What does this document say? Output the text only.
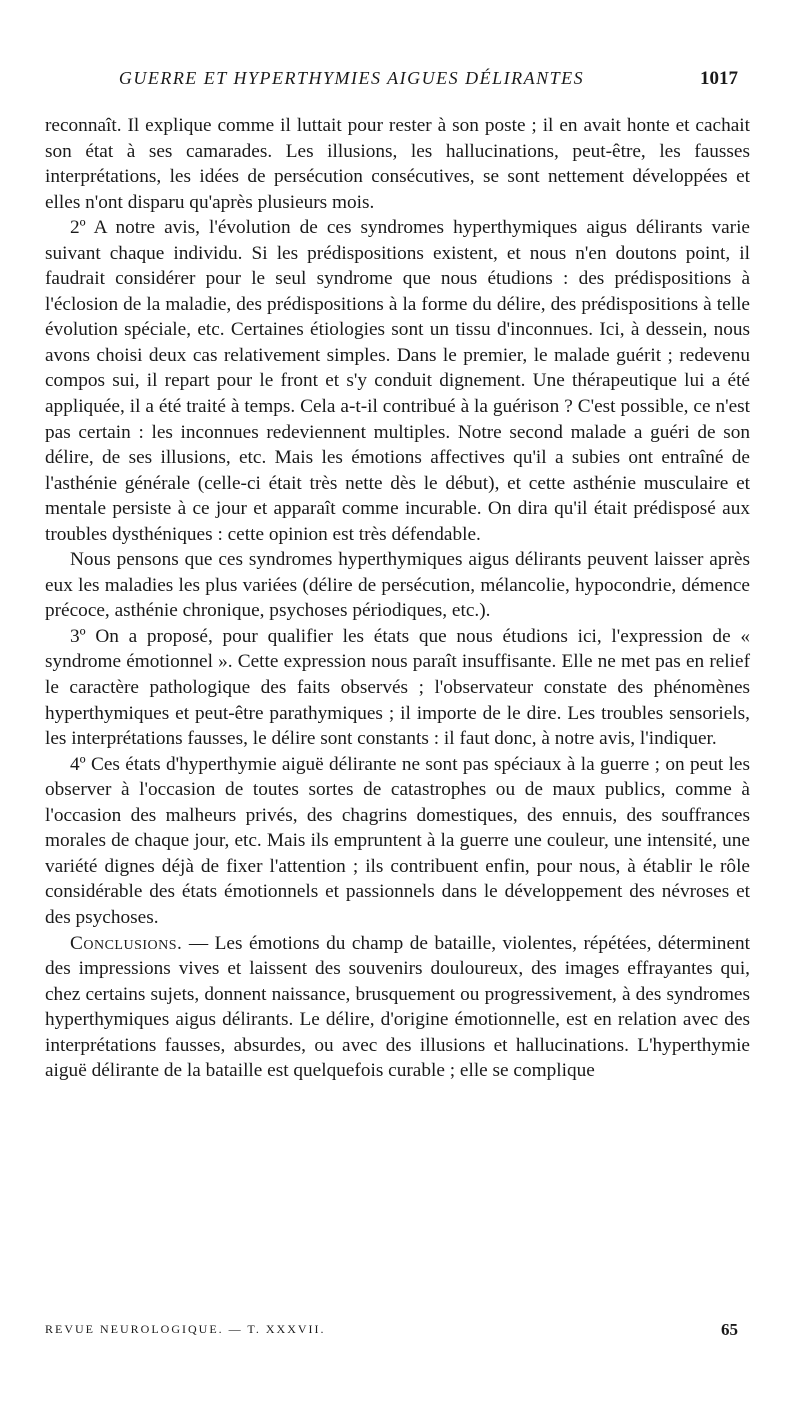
GUERRE ET HYPERTHYMIES AIGUES DÉLIRANTES	1017

reconnaît. Il explique comme il luttait pour rester à son poste ; il en avait honte et cachait son état à ses camarades. Les illusions, les hallucinations, peut-être, les fausses interprétations, les idées de persécution consécutives, se sont nettement développées et elles n'ont disparu qu'après plusieurs mois.

2º A notre avis, l'évolution de ces syndromes hyperthymiques aigus délirants varie suivant chaque individu. Si les prédispositions existent, et nous n'en doutons point, il faudrait considérer pour le seul syndrome que nous étudions : des prédispositions à l'éclosion de la maladie, des prédispositions à la forme du délire, des prédispositions à telle évolution spéciale, etc. Certaines étiologies sont un tissu d'inconnues. Ici, à dessein, nous avons choisi deux cas relativement simples. Dans le premier, le malade guérit ; redevenu compos sui, il repart pour le front et s'y conduit dignement. Une thérapeutique lui a été appliquée, il a été traité à temps. Cela a-t-il contribué à la guérison ? C'est possible, ce n'est pas certain : les inconnues redeviennent multiples. Notre second malade a guéri de son délire, de ses illusions, etc. Mais les émotions affectives qu'il a subies ont entraîné de l'asthénie générale (celle-ci était très nette dès le début), et cette asthénie musculaire et mentale persiste à ce jour et apparaît comme incurable. On dira qu'il était prédisposé aux troubles dysthéniques : cette opinion est très défendable.

Nous pensons que ces syndromes hyperthymiques aigus délirants peuvent laisser après eux les maladies les plus variées (délire de persécution, mélancolie, hypocondrie, démence précoce, asthénie chronique, psychoses périodiques, etc.).

3º On a proposé, pour qualifier les états que nous étudions ici, l'expression de « syndrome émotionnel ». Cette expression nous paraît insuffisante. Elle ne met pas en relief le caractère pathologique des faits observés ; l'observateur constate des phénomènes hyperthymiques et peut-être parathymiques ; il importe de le dire. Les troubles sensoriels, les interprétations fausses, le délire sont constants : il faut donc, à notre avis, l'indiquer.

4º Ces états d'hyperthymie aiguë délirante ne sont pas spéciaux à la guerre ; on peut les observer à l'occasion de toutes sortes de catastrophes ou de maux publics, comme à l'occasion des malheurs privés, des chagrins domestiques, des ennuis, des souffrances morales de chaque jour, etc. Mais ils empruntent à la guerre une couleur, une intensité, une variété dignes déjà de fixer l'attention ; ils contribuent enfin, pour nous, à établir le rôle considérable des états émotionnels et passionnels dans le développement des névroses et des psychoses.

Conclusions. — Les émotions du champ de bataille, violentes, répétées, déterminent des impressions vives et laissent des souvenirs douloureux, des images effrayantes qui, chez certains sujets, donnent naissance, brusquement ou progressivement, à des syndromes hyperthymiques aigus délirants. Le délire, d'origine émotionnelle, est en relation avec des interprétations fausses, absurdes, ou avec des illusions et hallucinations. L'hyperthymie aiguë délirante de la bataille est quelquefois curable ; elle se complique

REVUE NEUROLOGIQUE. — T. XXXVII.	65
